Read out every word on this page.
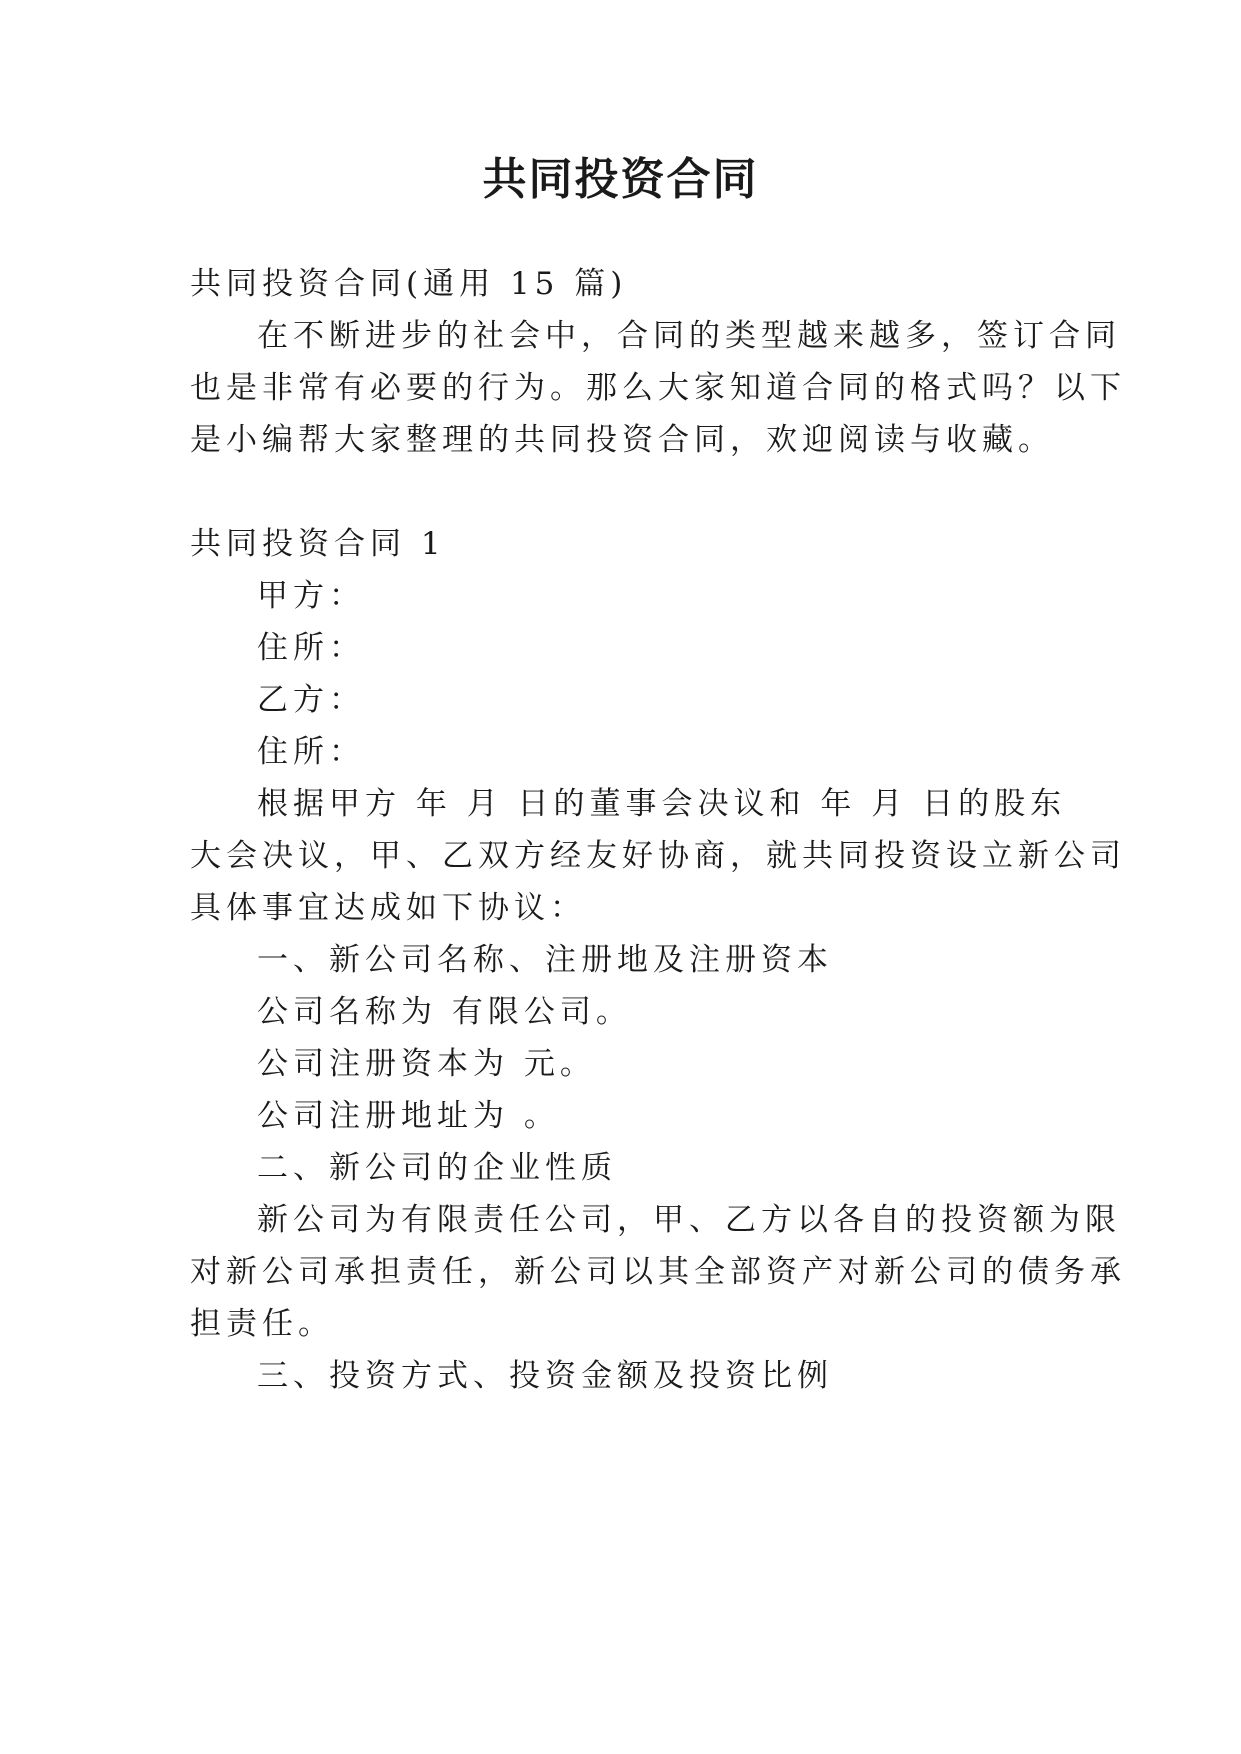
共同投资合同
共同投资合同(通用 15 篇)
在不断进步的社会中，合同的类型越来越多，签订合同
也是非常有必要的行为。那么大家知道合同的格式吗？以下
是小编帮大家整理的共同投资合同，欢迎阅读与收藏。
共同投资合同 1
甲方：
住所：
乙方：
住所：
根据甲方 年 月 日的董事会决议和 年 月 日的股东
大会决议，甲、乙双方经友好协商，就共同投资设立新公司
具体事宜达成如下协议：
一、新公司名称、注册地及注册资本
公司名称为 有限公司。
公司注册资本为 元。
公司注册地址为 。
二、新公司的企业性质
新公司为有限责任公司，甲、乙方以各自的投资额为限
对新公司承担责任，新公司以其全部资产对新公司的债务承
担责任。
三、投资方式、投资金额及投资比例
